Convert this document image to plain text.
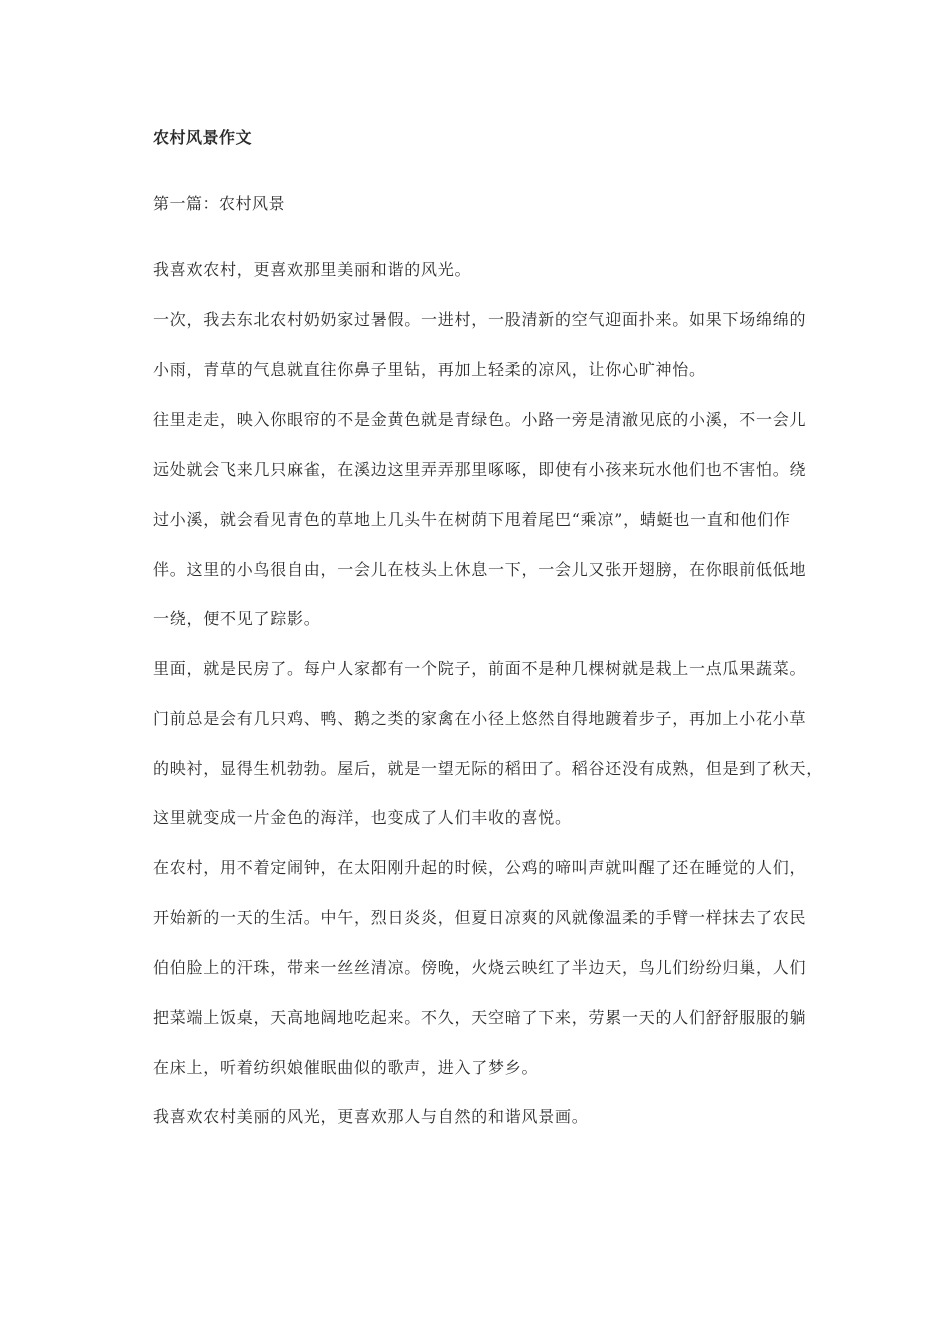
农村风景作文
第一篇：农村风景
我喜欢农村，更喜欢那里美丽和谐的风光。
一次，我去东北农村奶奶家过暑假。一进村，一股清新的空气迎面扑来。如果下场绵绵的
小雨，青草的气息就直往你鼻子里钻，再加上轻柔的凉风，让你心旷神怡。
往里走走，映入你眼帘的不是金黄色就是青绿色。小路一旁是清澈见底的小溪，不一会儿
远处就会飞来几只麻雀，在溪边这里弄弄那里啄啄，即使有小孩来玩水他们也不害怕。绕
过小溪，就会看见青色的草地上几头牛在树荫下甩着尾巴“乘凉”，蜻蜓也一直和他们作
伴。这里的小鸟很自由，一会儿在枝头上休息一下，一会儿又张开翅膀，在你眼前低低地
一绕，便不见了踪影。
里面，就是民房了。每户人家都有一个院子，前面不是种几棵树就是栽上一点瓜果蔬菜。
门前总是会有几只鸡、鸭、鹅之类的家禽在小径上悠然自得地踱着步子，再加上小花小草
的映衬，显得生机勃勃。屋后，就是一望无际的稻田了。稻谷还没有成熟，但是到了秋天，
这里就变成一片金色的海洋，也变成了人们丰收的喜悦。
在农村，用不着定闹钟，在太阳刚升起的时候，公鸡的啼叫声就叫醒了还在睡觉的人们，
开始新的一天的生活。中午，烈日炎炎，但夏日凉爽的风就像温柔的手臂一样抹去了农民
伯伯脸上的汗珠，带来一丝丝清凉。傍晚，火烧云映红了半边天，鸟儿们纷纷归巢，人们
把菜端上饭桌，天高地阔地吃起来。不久，天空暗了下来，劳累一天的人们舒舒服服的躺
在床上，听着纺织娘催眠曲似的歌声，进入了梦乡。
我喜欢农村美丽的风光，更喜欢那人与自然的和谐风景画。
